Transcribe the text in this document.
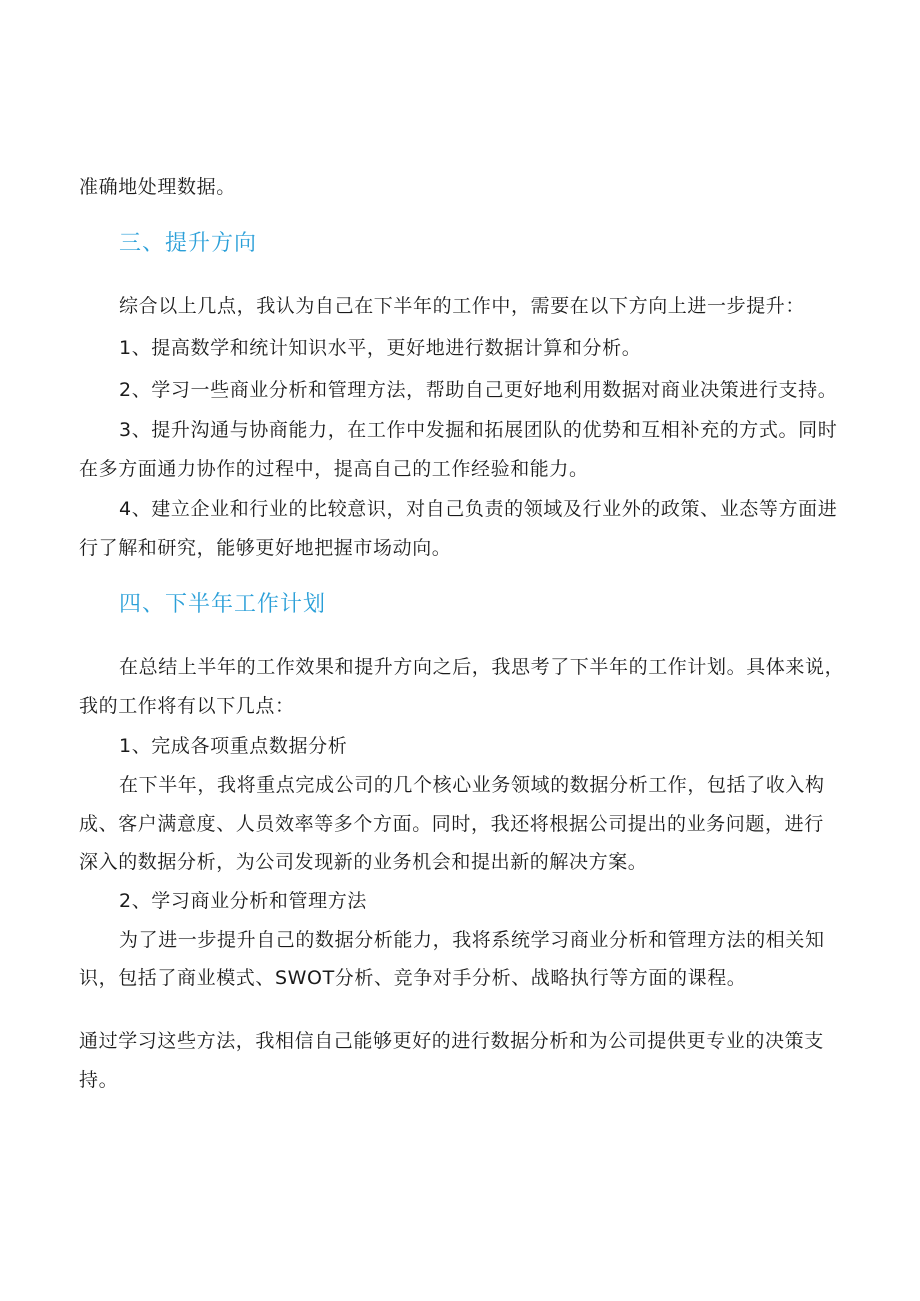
准确地处理数据。
三、提升方向
综合以上几点，我认为自己在下半年的工作中，需要在以下方向上进一步提升：
1、提高数学和统计知识水平，更好地进行数据计算和分析。
2、学习一些商业分析和管理方法，帮助自己更好地利用数据对商业决策进行支持。
3、提升沟通与协商能力，在工作中发掘和拓展团队的优势和互相补充的方式。同时
在多方面通力协作的过程中，提高自己的工作经验和能力。
4、建立企业和行业的比较意识，对自己负责的领域及行业外的政策、业态等方面进
行了解和研究，能够更好地把握市场动向。
四、下半年工作计划
在总结上半年的工作效果和提升方向之后，我思考了下半年的工作计划。具体来说，
我的工作将有以下几点：
1、完成各项重点数据分析
在下半年，我将重点完成公司的几个核心业务领域的数据分析工作，包括了收入构
成、客户满意度、人员效率等多个方面。同时，我还将根据公司提出的业务问题，进行
深入的数据分析，为公司发现新的业务机会和提出新的解决方案。
2、学习商业分析和管理方法
为了进一步提升自己的数据分析能力，我将系统学习商业分析和管理方法的相关知
识，包括了商业模式、SWOT分析、竞争对手分析、战略执行等方面的课程。
通过学习这些方法，我相信自己能够更好的进行数据分析和为公司提供更专业的决策支
持。
